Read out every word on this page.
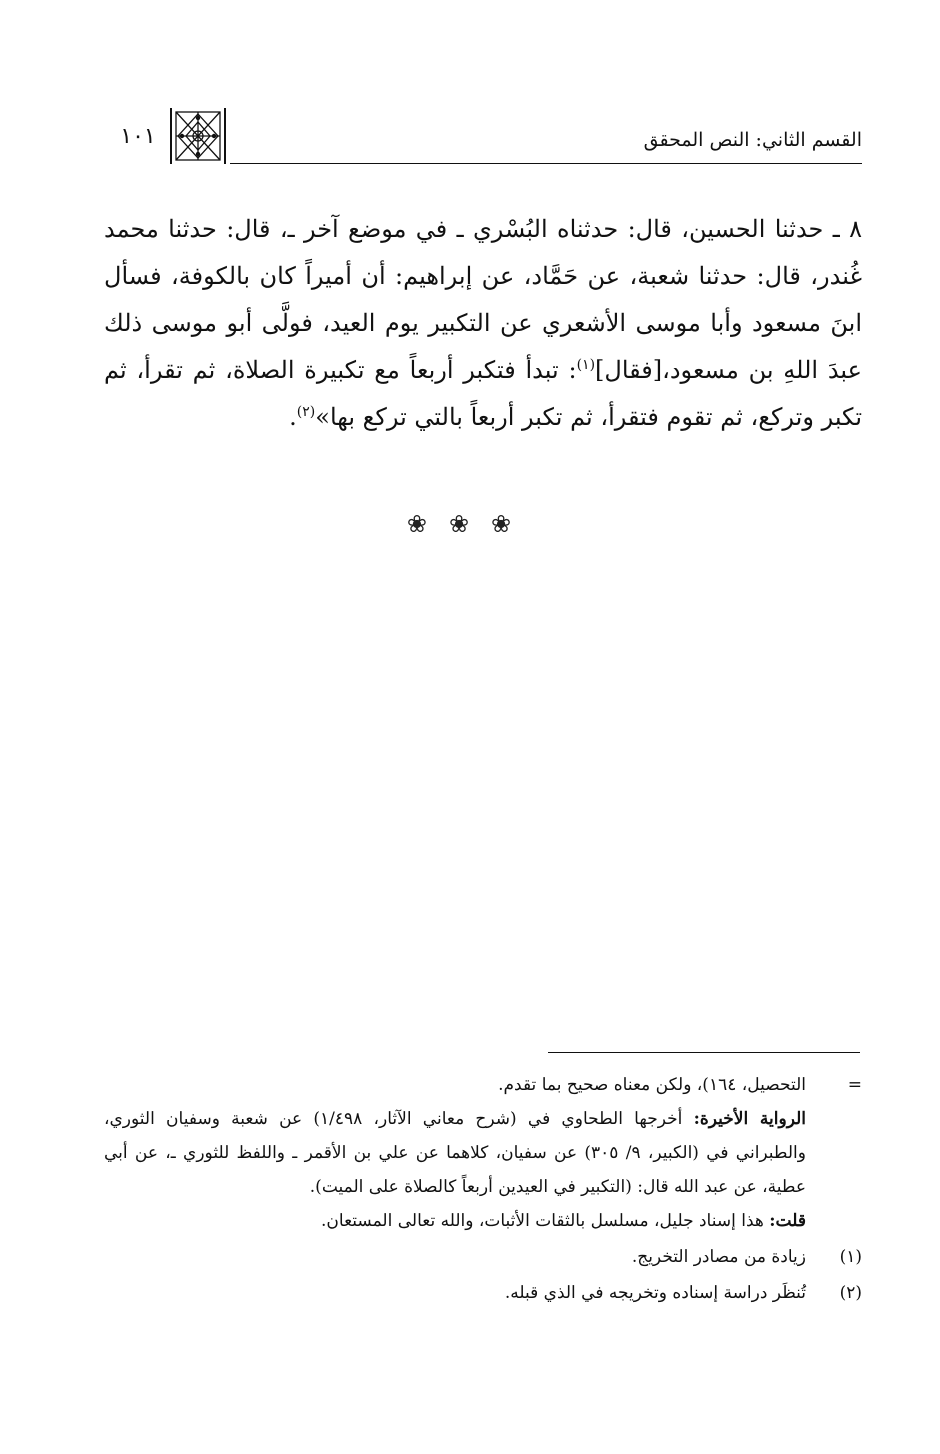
القسم الثاني: النص المحقق
١٠١

٨ ـ حدثنا الحسين، قال: حدثناه البُسْري ـ في موضع آخر ـ، قال: حدثنا محمد غُندر، قال: حدثنا شعبة، عن حَمَّاد، عن إبراهيم: أن أميراً كان بالكوفة، فسأل ابنَ مسعود وأبا موسى الأشعري عن التكبير يوم العيد، فولَّى أبو موسى ذلك عبدَ اللهِ بن مسعود،[فقال]$^{(١)}$: تبدأ فتكبر أربعاً مع تكبيرة الصلاة، ثم تقرأ، ثم تكبر وتركع، ثم تقوم فتقرأ، ثم تكبر أربعاً بالتي تركع بها»$^{(٢)}$.

❀❀❀
=
التحصيل، ١٦٤)، ولكن معناه صحيح بما تقدم.

الرواية الأخيرة: أخرجها الطحاوي في (شرح معاني الآثار، ١/٤٩٨) عن شعبة وسفيان الثوري، والطبراني في (الكبير، ٩/ ٣٠٥) عن سفيان، كلاهما عن علي بن الأقمر ـ واللفظ للثوري ـ، عن أبي عطية، عن عبد الله قال: (التكبير في العيدين أربعاً كالصلاة على الميت).

قلت: هذا إسناد جليل، مسلسل بالثقات الأثبات، والله تعالى المستعان.

(١)
زيادة من مصادر التخريج.
(٢)
تُنظَر دراسة إسناده وتخريجه في الذي قبله.
